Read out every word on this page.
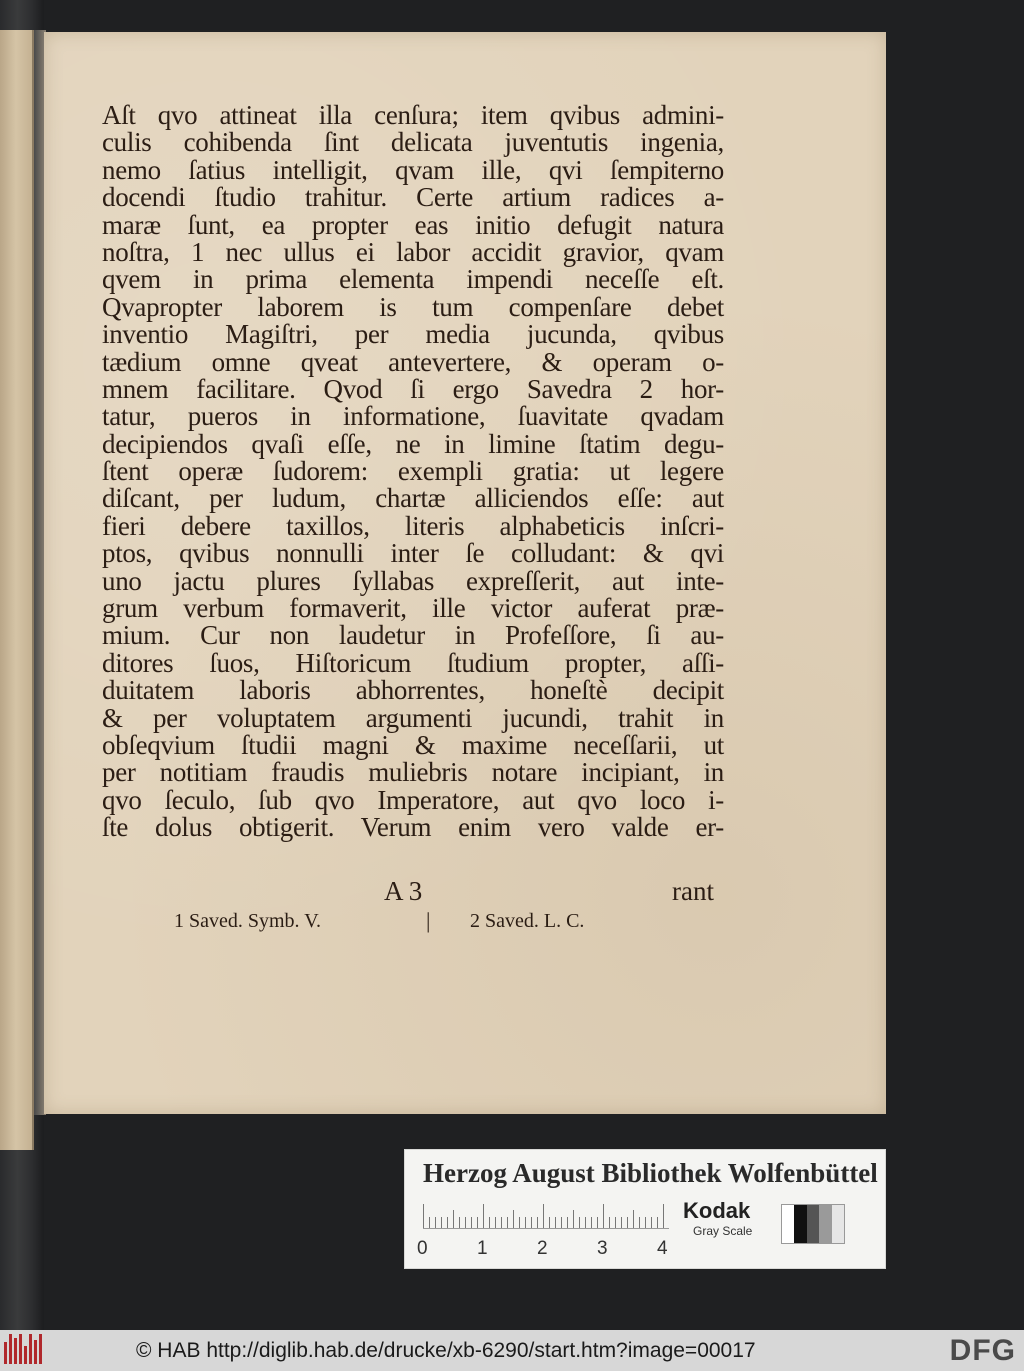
Aſt qvo attineat illa cenſura; item qvibus admini-
culis cohibenda ſint delicata juventutis ingenia,
nemo ſatius intelligit, qvam ille, qvi ſempiterno
docendi ſtudio trahitur. Certe artium radices a-
maræ ſunt, ea propter eas initio defugit natura
noſtra, 1 nec ullus ei labor accidit gravior, qvam
qvem in prima elementa impendi neceſſe eſt.
Qvapropter laborem is tum compenſare debet
inventio Magiſtri, per media jucunda, qvibus
tædium omne qveat antevertere, & operam o-
mnem facilitare. Qvod ſi ergo Savedra 2 hor-
tatur, pueros in informatione, ſuavitate qvadam
decipiendos qvaſi eſſe, ne in limine ſtatim degu-
ſtent operæ ſudorem: exempli gratia: ut legere
diſcant, per ludum, chartæ alliciendos eſſe: aut
fieri debere taxillos, literis alphabeticis inſcri-
ptos, qvibus nonnulli inter ſe colludant: & qvi
uno jactu plures ſyllabas expreſſerit, aut inte-
grum verbum formaverit, ille victor auferat præ-
mium. Cur non laudetur in Profeſſore, ſi au-
ditores ſuos, Hiſtoricum ſtudium propter, aſſi-
duitatem laboris abhorrentes, honeſtè decipit
& per voluptatem argumenti jucundi, trahit in
obſeqvium ſtudii magni & maxime neceſſarii, ut
per notitiam fraudis muliebris notare incipiant, in
qvo ſeculo, ſub qvo Imperatore, aut qvo loco i-
ſte dolus obtigerit. Verum enim vero valde er-
A 3	rant
1 Saved. Symb. V.	| 2 Saved. L. C.
Herzog August Bibliothek Wolfenbüttel
0	1	2	3	4
Kodak
Gray Scale
© HAB http://diglib.hab.de/drucke/xb-6290/start.htm?image=00017	DFG
